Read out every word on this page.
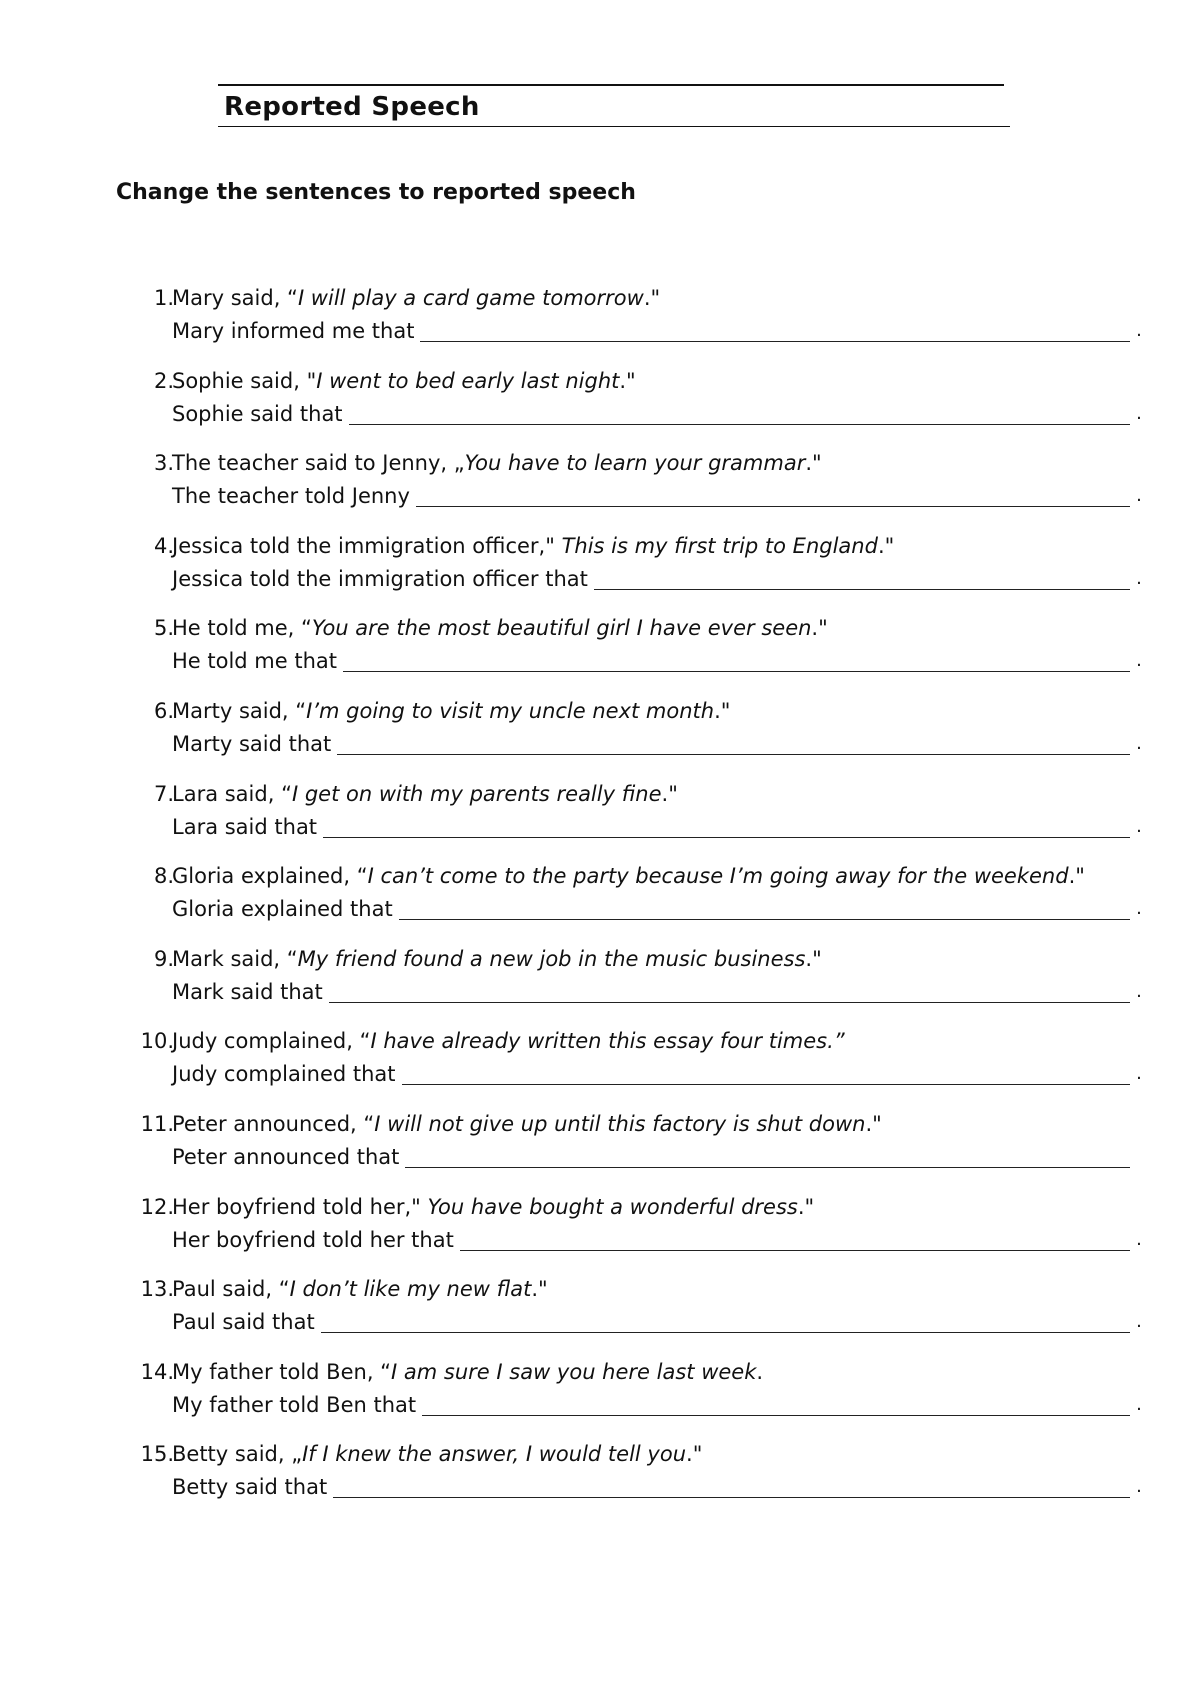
Reported Speech
Change the sentences to reported speech
1.
Mary said, “I will play a card game tomorrow."
Mary informed me that	.
2.
Sophie said, "I went to bed early last night."
Sophie said that	.
3.
The teacher said to Jenny, „You have to learn your grammar."
The teacher told Jenny	.
4.
Jessica told the immigration officer," This is my first trip to England."
Jessica told the immigration officer that	.
5.
He told me, “You are the most beautiful girl I have ever seen."
He told me that	.
6.
Marty said, “I’m going to visit my uncle next month."
Marty said that	.
7.
Lara said, “I get on with my parents really fine."
Lara said that	.
8.
Gloria explained, “I can’t come to the party because I’m going away for the weekend."
Gloria explained that	.
9.
Mark said, “My friend found a new job in the music business."
Mark said that	.
10.
Judy complained, “I have already written this essay four times.”
Judy complained that	.
11.
Peter announced, “I will not give up until this factory is shut down."
Peter announced that
12.
Her boyfriend told her," You have bought a wonderful dress."
Her boyfriend told her that	.
13.
Paul said, “I don’t like my new flat."
Paul said that	.
14.
My father told Ben, “I am sure I saw you here last week.
My father told Ben that	.
15.
Betty said, „If I knew the answer, I would tell you."
Betty said that	.
